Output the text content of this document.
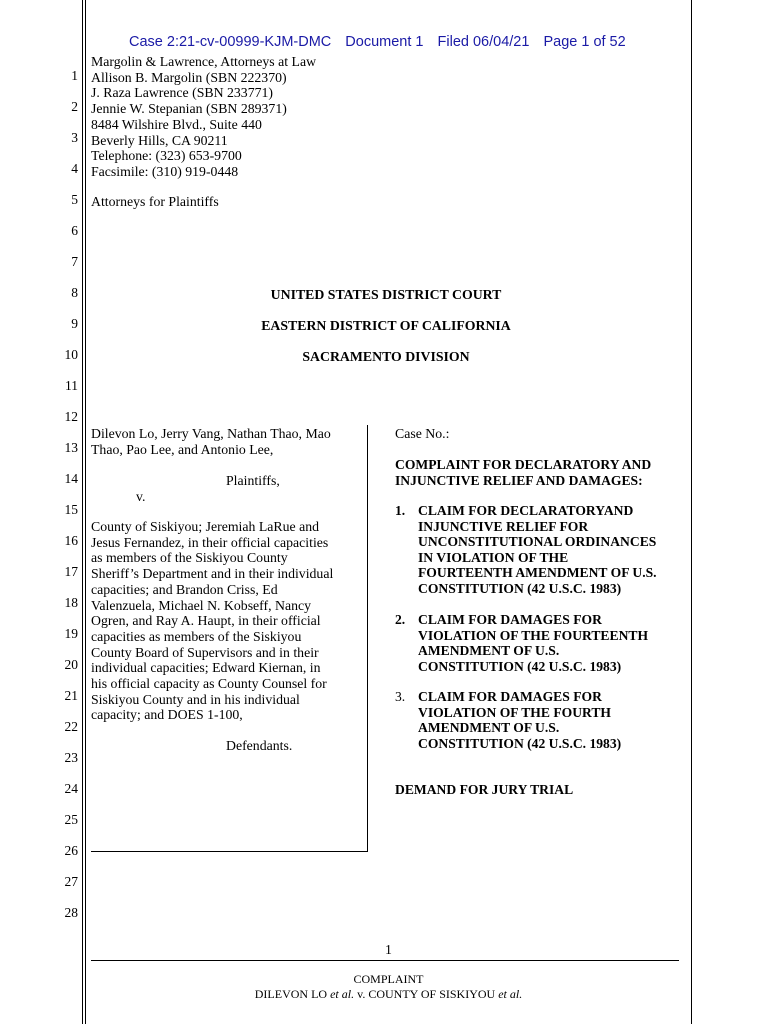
Case 2:21-cv-00999-KJM-DMC Document 1 Filed 06/04/21 Page 1 of 52
1
2
3
4
5
6
7
8
9
10
11
12
13
14
15
16
17
18
19
20
21
22
23
24
25
26
27
28
Margolin & Lawrence, Attorneys at Law
Allison B. Margolin (SBN 222370)
J. Raza Lawrence (SBN 233771)
Jennie W. Stepanian (SBN 289371)
8484 Wilshire Blvd., Suite 440
Beverly Hills, CA 90211
Telephone: (323) 653-9700
Facsimile: (310) 919-0448
Attorneys for Plaintiffs
UNITED STATES DISTRICT COURT
EASTERN DISTRICT OF CALIFORNIA
SACRAMENTO DIVISION
Dilevon Lo, Jerry Vang, Nathan Thao, Mao
Thao, Pao Lee, and Antonio Lee,
Plaintiffs,
v.
County of Siskiyou; Jeremiah LaRue and
Jesus Fernandez, in their official capacities
as members of the Siskiyou County
Sheriff’s Department and in their individual
capacities; and Brandon Criss, Ed
Valenzuela, Michael N. Kobseff, Nancy
Ogren, and Ray A. Haupt, in their official
capacities as members of the Siskiyou
County Board of Supervisors and in their
individual capacities; Edward Kiernan, in
his official capacity as County Counsel for
Siskiyou County and in his individual
capacity; and DOES 1-100,
Defendants.
Case No.:
COMPLAINT FOR DECLARATORY AND
INJUNCTIVE RELIEF AND DAMAGES:
1. CLAIM FOR DECLARATORYAND
INJUNCTIVE RELIEF FOR
UNCONSTITUTIONAL ORDINANCES
IN VIOLATION OF THE
FOURTEENTH AMENDMENT OF U.S.
CONSTITUTION (42 U.S.C. 1983)
2. CLAIM FOR DAMAGES FOR
VIOLATION OF THE FOURTEENTH
AMENDMENT OF U.S.
CONSTITUTION (42 U.S.C. 1983)
3. CLAIM FOR DAMAGES FOR
VIOLATION OF THE FOURTH
AMENDMENT OF U.S.
CONSTITUTION (42 U.S.C. 1983)
DEMAND FOR JURY TRIAL
1
COMPLAINT
DILEVON LO et al. v. COUNTY OF SISKIYOU et al.
